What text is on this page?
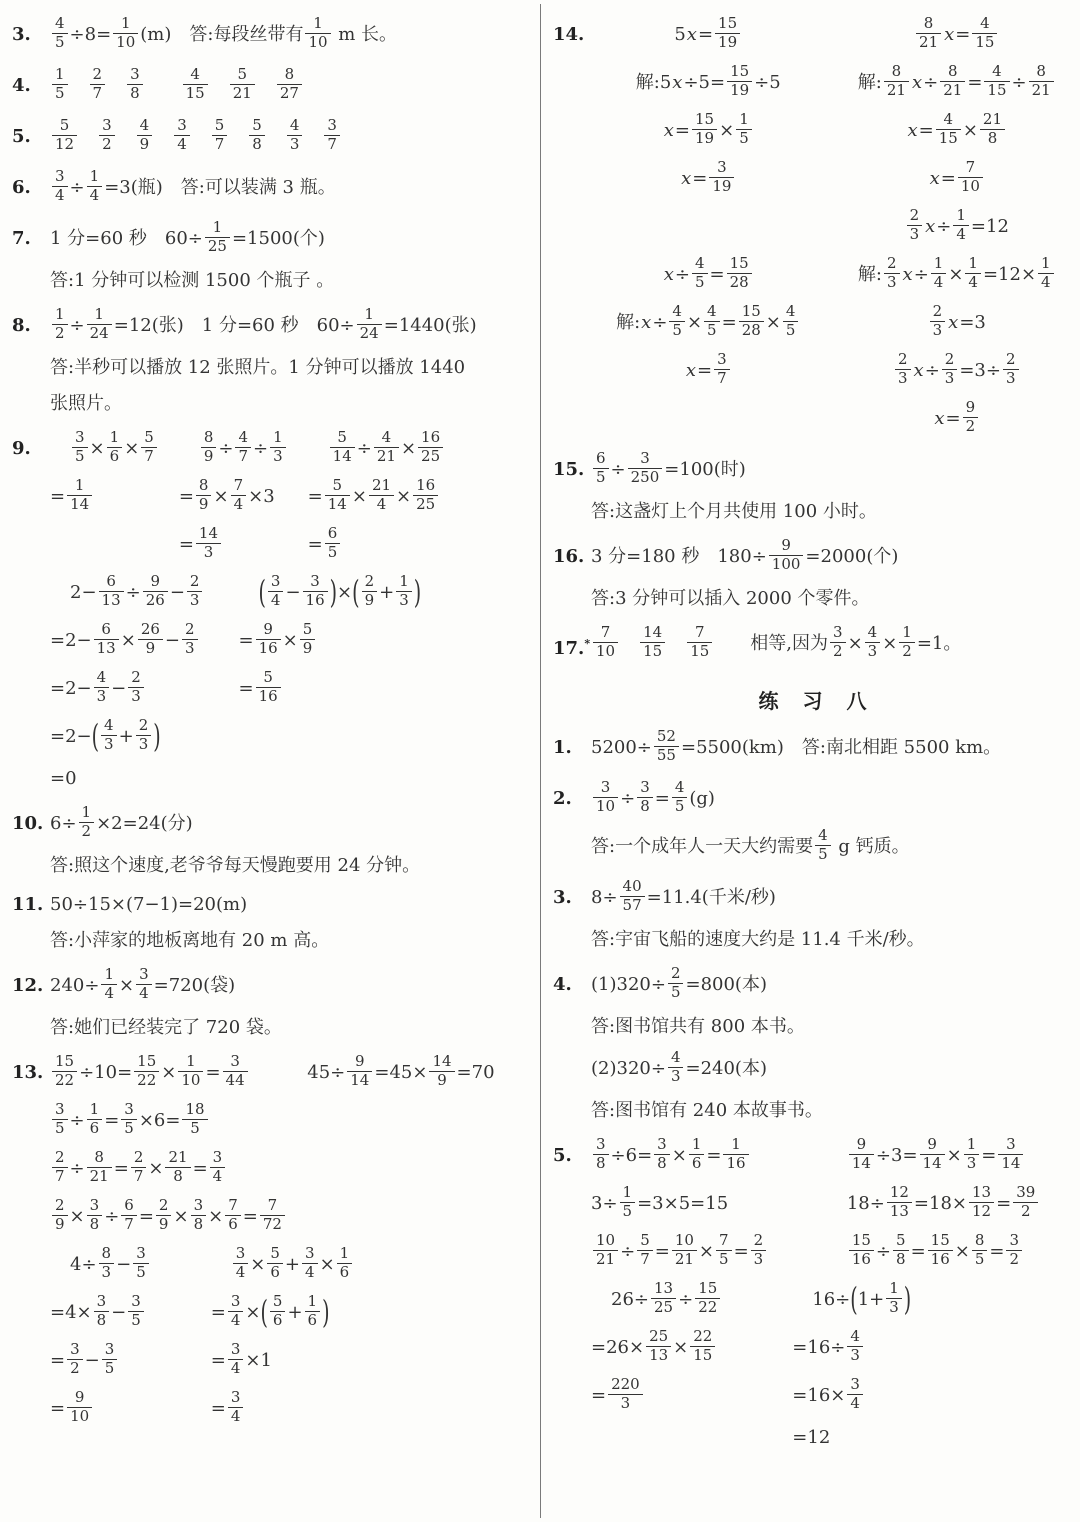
3.	$\frac{4}{5} \div 8= \frac{1}{10} (m)$　答:每段丝带有 $\frac{1}{10}$ m 长。
4.	$\frac{1}{5}$
　 $\frac{2}{7}$
　 $\frac{3}{8}$
　　	$\frac{4}{15}$
　 $\frac{5}{21}$
　 $\frac{8}{27}$
5.	$\frac{5}{12}$
　 $\frac{3}{2}$
　 $\frac{4}{9}$
　 $\frac{3}{4}$
　 $\frac{5}{7}$
　 $\frac{5}{8}$
　 $\frac{4}{3}$
　 $\frac{3}{7}$
6.	$\frac{3}{4} \div \frac{1}{4} =3$(瓶)　答:可以装满 3 瓶。
7.	1 分=60 秒　$60\div \frac{1}{25} =1500$(个)
答:1 分钟可以检测 1500 个瓶子 。
8.	$\frac{1}{2} \div \frac{1}{24} =12$(张)　1 分=60 秒　$60\div \frac{1}{24} =1440$(张)
答:半秒可以播放 12 张照片。1 分钟可以播放 1440
张照片。
9.	$\frac{3}{5} \times \frac{1}{6} \times \frac{5}{7}$
= $\frac{1}{14}$
$\frac{8}{9} \div \frac{4}{7} \div \frac{1}{3}$
= $\frac{8}{9} \times \frac{7}{4} \times 3$
= $\frac{14}{3}$
$\frac{5}{14} \div \frac{4}{21} \times \frac{16}{25}$
= $\frac{5}{14} \times \frac{21}{4} \times \frac{16}{25}$
= $\frac{6}{5}$
$2- \frac{6}{13} \div \frac{9}{26} - \frac{2}{3}$
$=2- \frac{6}{13} \times \frac{26}{9} - \frac{2}{3}$
$=2- \frac{4}{3} - \frac{2}{3}$
$=2-( \frac{4}{3} + \frac{2}{3}$ )
=0
( $\frac{3}{4} - \frac{3}{16}$ )×( $\frac{2}{9} + \frac{1}{3}$ )
= $\frac{9}{16} \times \frac{5}{9}$
= $\frac{5}{16}$
10. $6\div \frac{1}{2} \times 2=24$(分)
答:照这个速度,老爷爷每天慢跑要用 24 分钟。
11. 50÷15×(7−1)=20(m)
答:小萍家的地板离地有 20 m 高。
12. $240\div \frac{1}{4} \times \frac{3}{4} =720$(袋)
答:她们已经装完了 720 袋。
13. $\frac{15}{22} \div 10= \frac{15}{22} \times \frac{1}{10} = \frac{3}{44}$	$45\div \frac{9}{14} =45\times \frac{14}{9} =70$
$\frac{3}{5} \div \frac{1}{6} = \frac{3}{5} \times 6= \frac{18}{5}$
$\frac{2}{7} \div \frac{8}{21} = \frac{2}{7} \times \frac{21}{8} = \frac{3}{4}$
$\frac{2}{9} \times \frac{3}{8} \div \frac{6}{7} = \frac{2}{9} \times \frac{3}{8} \times \frac{7}{6} = \frac{7}{72}$
$4\div \frac{8}{3} - \frac{3}{5}$
$=4\times \frac{3}{8} - \frac{3}{5}$
= $\frac{3}{2} - \frac{3}{5}$
= $\frac{9}{10}$
$\frac{3}{4} \times \frac{5}{6} + \frac{3}{4} \times \frac{1}{6}$
= $\frac{3}{4}$ ×( $\frac{5}{6} + \frac{1}{6}$ )
= $\frac{3}{4} \times 1$
= $\frac{3}{4}$
14.	$5x= \frac{15}{19}$
解:5x÷5= $\frac{15}{19} \div 5$
$x= \frac{15}{19} \times \frac{1}{5}$
$x= \frac{3}{19}$
$\frac{8}{21} x= \frac{4}{15}$
解: $\frac{8}{21} x\div \frac{8}{21} = \frac{4}{15} \div \frac{8}{21}$
$x= \frac{4}{15} \times \frac{21}{8}$
$x= \frac{7}{10}$
$x\div \frac{4}{5} = \frac{15}{28}$
解:x÷ $\frac{4}{5} \times \frac{4}{5} = \frac{15}{28} \times \frac{4}{5}$
$x= \frac{3}{7}$
$\frac{2}{3} x\div \frac{1}{4} =12$
解: $\frac{2}{3} x\div \frac{1}{4} \times \frac{1}{4} =12\times \frac{1}{4}$
$\frac{2}{3} x=3$
$\frac{2}{3} x\div \frac{2}{3} =3\div \frac{2}{3}$
$x= \frac{9}{2}$
15. $\frac{6}{5} \div \frac{3}{250} =100$(时)
答:这盏灯上个月共使用 100 小时。
16. 3 分=180 秒　$180\div \frac{9}{100} =2000$(个)
答:3 分钟可以插入 2000 个零件。
$17.^* \frac{7}{10}$
　 $\frac{14}{15}$
　 $\frac{7}{15}$ 　　相等,因为 $\frac{3}{2} \times \frac{4}{3} \times \frac{1}{2} =1$。
练　习　八
1.	$5200\div \frac{52}{55} =5500(km)$　答:南北相距 5500 km。
2.	$\frac{3}{10} \div \frac{3}{8} = \frac{4}{5} (g)$
答:一个成年人一天大约需要 $\frac{4}{5}$ g 钙质。
3.	$8\div \frac{40}{57} =11.4$(千米/秒)
答:宇宙飞船的速度大约是 11.4 千米/秒。
4.	$(1)320\div \frac{2}{5} =800$(本)
答:图书馆共有 800 本书。
$(2)320\div \frac{4}{3} =240$(本)
答:图书馆有 240 本故事书。
5.	$\frac{3}{8} \div 6= \frac{3}{8} \times \frac{1}{6} = \frac{1}{16}$	$\frac{9}{14} \div 3= \frac{9}{14} \times \frac{1}{3} = \frac{3}{14}$
$3\div \frac{1}{5} =3\times 5=15$	$18\div \frac{12}{13} =18\times \frac{13}{12} = \frac{39}{2}$
$\frac{10}{21} \div \frac{5}{7} = \frac{10}{21} \times \frac{7}{5} = \frac{2}{3}$	$\frac{15}{16} \div \frac{5}{8} = \frac{15}{16} \times \frac{8}{5} = \frac{3}{2}$
$26\div \frac{13}{25} \div \frac{15}{22}$
$=26\times \frac{25}{13} \times \frac{22}{15}$
= $\frac{220}{3}$
$16\div(1+ \frac{1}{3}$ )
$=16\div \frac{4}{3}$
$=16\times \frac{3}{4}$
=12
